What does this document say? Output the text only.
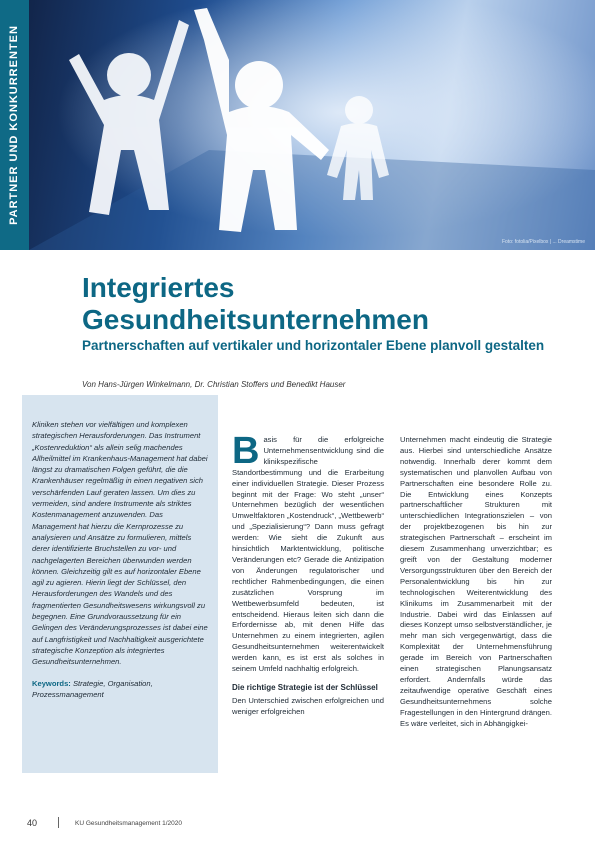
PARTNER UND KONKURRENTEN
Foto: fotolia/Pixelbox | ... Dreamstime
Integriertes
Gesundheitsunternehmen
Partnerschaften auf vertikaler und horizontaler Ebene planvoll gestalten
Von Hans-Jürgen Winkelmann, Dr. Christian Stoffers und Benedikt Hauser

Kliniken stehen vor vielfältigen und komplexen strategischen Herausforderungen. Das Instrument „Kostenreduktion“ als allein selig machendes Allheilmittel im Krankenhaus-Management hat dabei längst zu dramatischen Folgen geführt, die die Krankenhäuser regelmäßig in einen negativen sich verschärfenden Lauf geraten lassen. Um dies zu vermeiden, sind andere Instrumente als striktes Kostenmanagement anzuwenden. Das Management hat hierzu die Kernprozesse zu analysieren und Ansätze zu formulieren, mittels derer identifizierte Bruchstellen zu vor- und nachgelagerten Bereichen überwunden werden können. Gleichzeitig gilt es auf horizontaler Ebene agil zu agieren. Hierin liegt der Schlüssel, den Herausforderungen des Wandels und des fragmentierten Gesundheitswesens wirkungsvoll zu begegnen. Eine Grundvoraussetzung für ein Gelingen des Veränderungsprozesses ist dabei eine auf Langfristigkeit und Nachhaltigkeit ausgerichtete strategische Konzeption als integriertes Gesundheitsunternehmen.

Keywords: Strategie, Organisation, Prozessmanagement
B asis für die erfolgreiche Unternehmensentwicklung sind die klinikspezifische Standortbestimmung und die Erarbeitung einer individuellen Strategie. Dieser Prozess beginnt mit der Frage: Wo steht „unser“ Unternehmen bezüglich der wesentlichen Umweltfaktoren „Kostendruck“, „Wettbewerb“ und „Spezialisierung“? Dann muss gefragt werden: Wie sieht die Zukunft aus hinsichtlich Marktentwicklung, politische Veränderungen etc? Gerade die Antizipation von Änderungen regulatorischer und rechtlicher Rahmenbedingungen, die einen zusätzlichen Vorsprung im Wettbewerbsumfeld bedeuten, ist entscheidend. Hieraus leiten sich dann die Erfordernisse ab, mit denen Hilfe das Unternehmen zu einem integrierten, agilen Gesundheitsunternehmen weiterentwickelt werden kann, es ist erst als solches in seinem Umfeld nachhaltig erfolgreich.
Die richtige Strategie ist der Schlüssel
Den Unterschied zwischen erfolgreichen und weniger erfolgreichen
Unternehmen macht eindeutig die Strategie aus. Hierbei sind unterschiedliche Ansätze notwendig. Innerhalb derer kommt dem systematischen und planvollen Aufbau von Partnerschaften eine besondere Rolle zu. Die Entwicklung eines Konzepts partnerschaftlicher Strukturen mit unterschiedlichen Integrationszielen – von der projektbezogenen bis hin zur strategischen Partnerschaft – erscheint im diesem Zusammenhang unverzichtbar; es greift von der Gestaltung moderner Versorgungsstrukturen über den Bereich der Personalentwicklung bis hin zur technologischen Weiterentwicklung des Klinikums im Zusammenarbeit mit der Industrie. Dabei wird das Einlassen auf dieses Konzept umso selbstverständlicher, je mehr man sich vergegenwärtigt, dass die Komplexität der Unternehmensführung gerade im Bereich von Partnerschaften einen strategischen Planungsansatz erfordert. Andernfalls würde das zeitaufwendige operative Geschäft eines Gesundheitsunternehmens solche Fragestellungen in den Hintergrund drängen. Es wäre verleitet, sich in Abhängigkei-
40	KU Gesundheitsmanagement 1/2020
